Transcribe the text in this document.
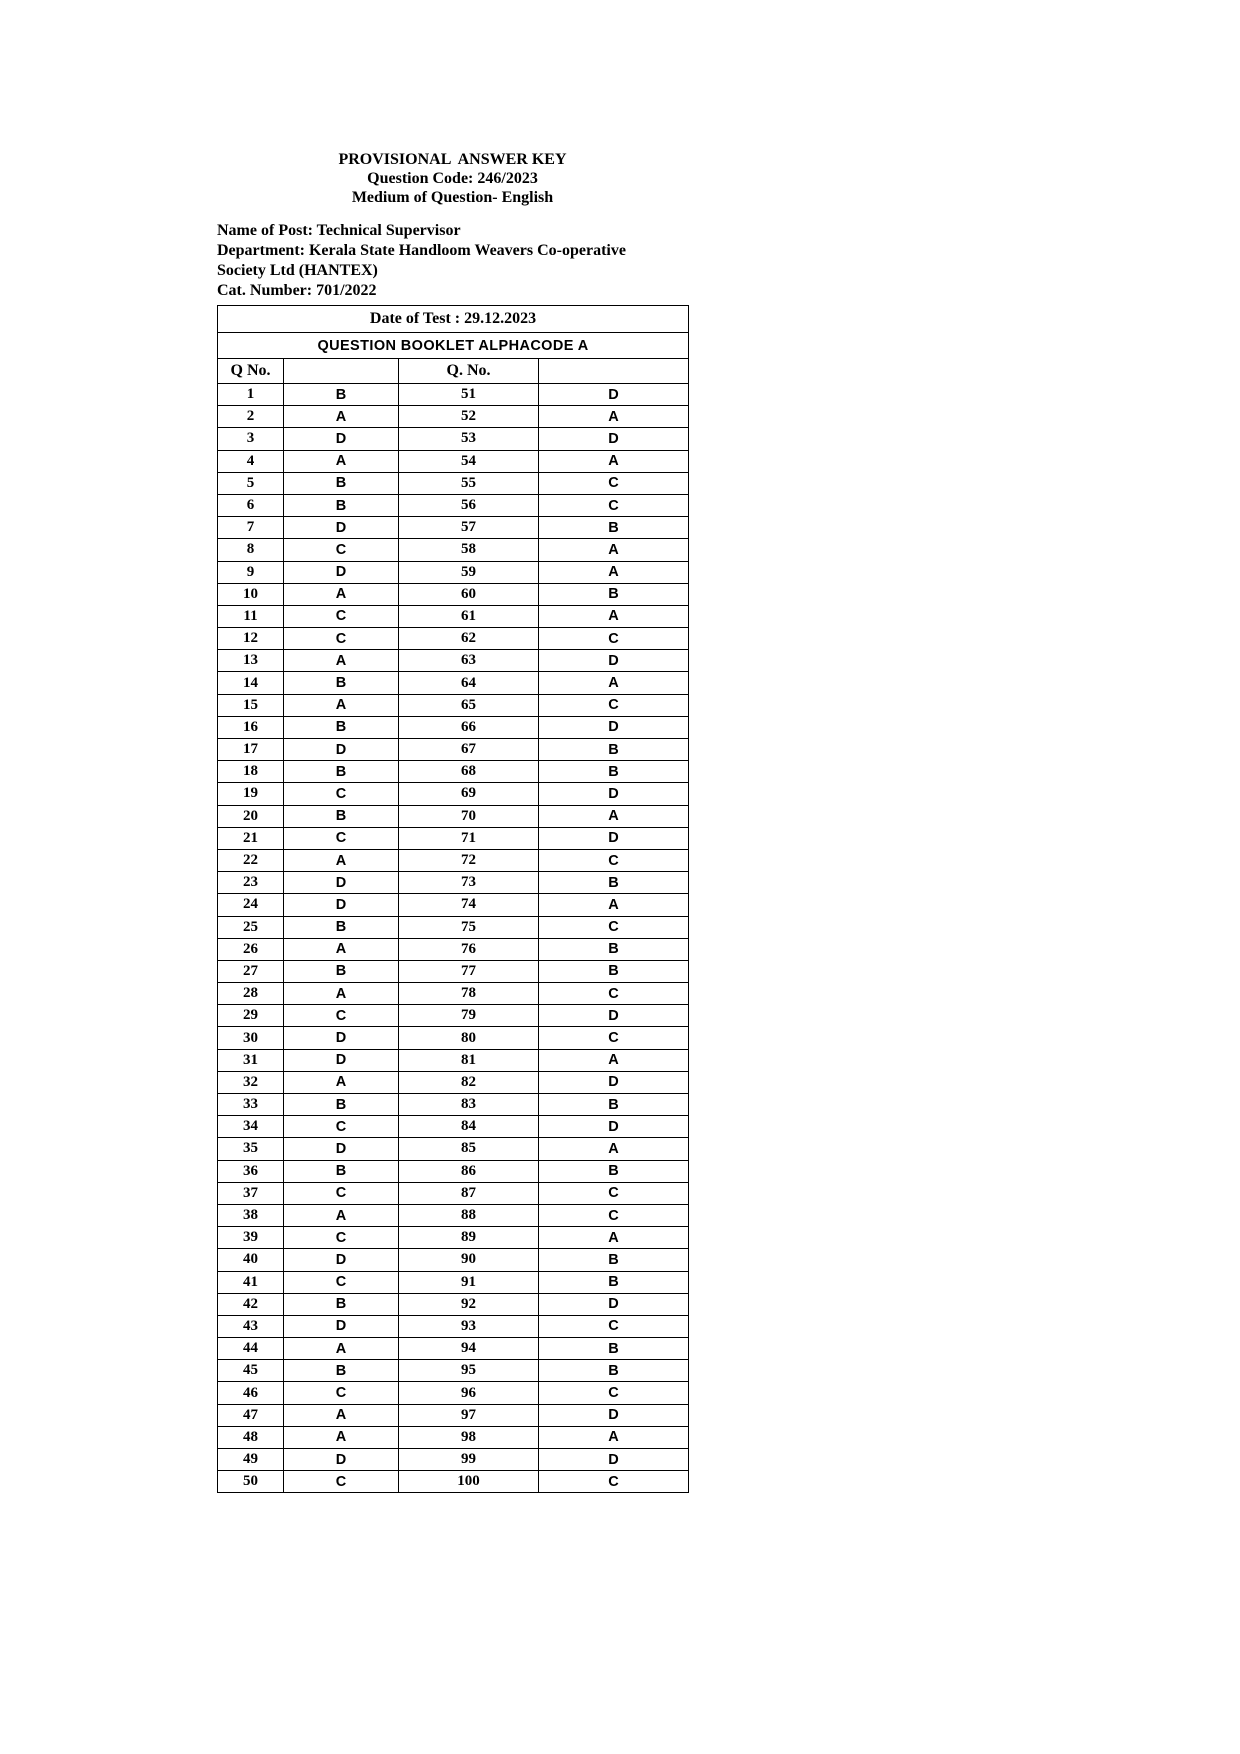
PROVISIONAL  ANSWER KEY
Question Code: 246/2023
Medium of Question- English
Name of Post: Technical Supervisor
Department: Kerala State Handloom Weavers Co-operative
Society Ltd (HANTEX)
Cat. Number: 701/2022
Date of Test : 29.12.2023			
QUESTION BOOKLET ALPHACODE A			
Q No.		Q. No.	
1	B	51	D
2	A	52	A
3	D	53	D
4	A	54	A
5	B	55	C
6	B	56	C
7	D	57	B
8	C	58	A
9	D	59	A
10	A	60	B
11	C	61	A
12	C	62	C
13	A	63	D
14	B	64	A
15	A	65	C
16	B	66	D
17	D	67	B
18	B	68	B
19	C	69	D
20	B	70	A
21	C	71	D
22	A	72	C
23	D	73	B
24	D	74	A
25	B	75	C
26	A	76	B
27	B	77	B
28	A	78	C
29	C	79	D
30	D	80	C
31	D	81	A
32	A	82	D
33	B	83	B
34	C	84	D
35	D	85	A
36	B	86	B
37	C	87	C
38	A	88	C
39	C	89	A
40	D	90	B
41	C	91	B
42	B	92	D
43	D	93	C
44	A	94	B
45	B	95	B
46	C	96	C
47	A	97	D
48	A	98	A
49	D	99	D
50	C	100	C
